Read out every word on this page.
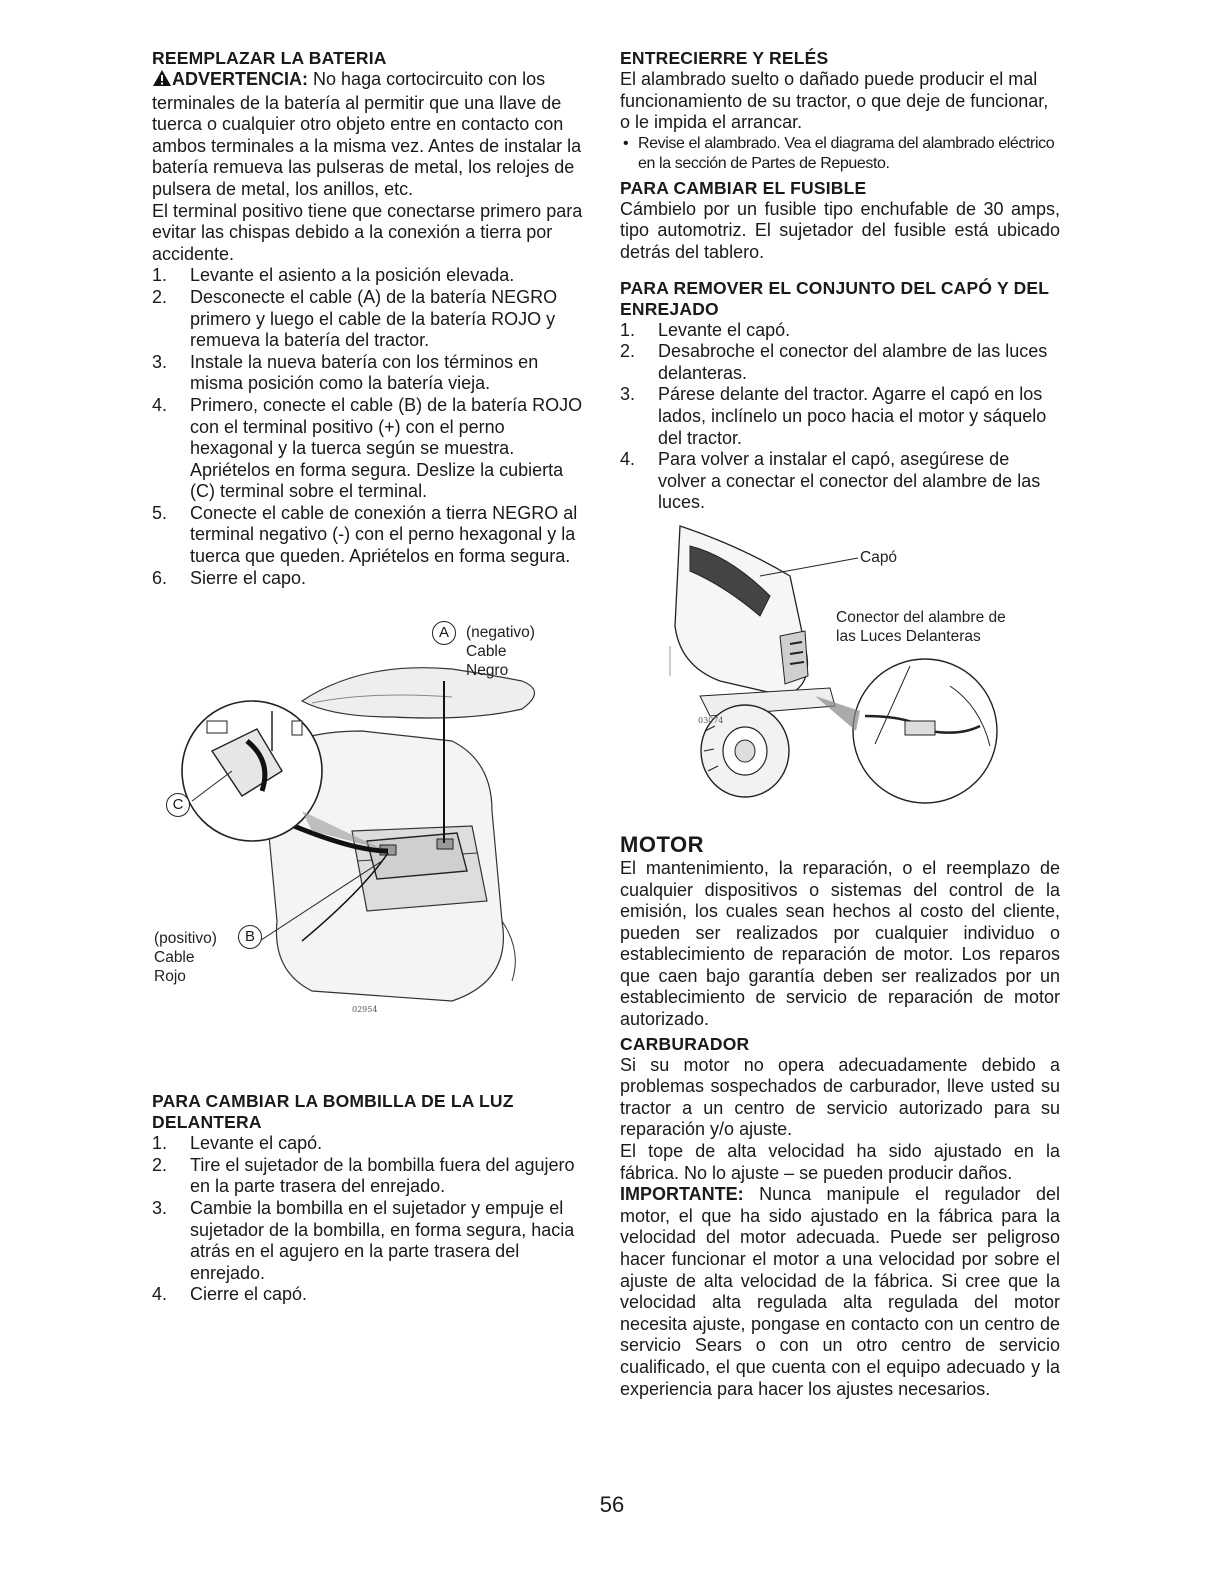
REEMPLAZAR LA BATERIA

ADVERTENCIA: No haga cortocircuito con los terminales de la batería al permitir que una llave de tuerca o cualquier otro objeto entre en contacto con ambos terminales a la misma vez. Antes de instalar la batería remueva las pulseras de metal, los relojes de pulsera de metal, los anillos, etc.

El terminal positivo tiene que conectarse primero para evitar las chispas debido a la conexión a tierra por accidente.

1.	Levante el asiento a la posición elevada.
2.	Desconecte el cable (A) de la batería NEGRO primero y luego el cable de la batería ROJO y remueva la batería del tractor.
3.	Instale la nueva batería con los términos en misma posición como la batería vieja.
4.	Primero, conecte el cable (B) de la batería ROJO con el terminal positivo (+) con el perno hexagonal y la tuerca según se muestra. Apriételos en forma segura. Deslize la cubierta (C) terminal sobre el terminal.
5.	Conecte el cable de conexión a tierra NEGRO al terminal negativo (-) con el perno hexagonal y la tuerca que queden. Apriételos en forma segura.
6.	Sierre el capo.
A	(negativo)
Cable
Negro
C
B
(positivo)
Cable
Rojo
02954
PARA CAMBIAR LA BOMBILLA DE LA LUZ DELANTERA
1.	Levante el capó.
2.	Tire el sujetador de la bombilla fuera del agujero en la parte trasera del enrejado.
3.	Cambie la bombilla en el sujetador y empuje el sujetador de la bombilla, en forma segura, hacia atrás en el agujero en la parte trasera del enrejado.
4.	Cierre el capó.
ENTRECIERRE Y RELÉS

El alambrado suelto o dañado puede producir el mal funcionamiento de su tractor, o que deje de funcionar, o le impida el arrancar.

• Revise el alambrado. Vea el diagrama del alambrado eléctrico en la sección de Partes de Repuesto.
PARA CAMBIAR EL FUSIBLE

Cámbielo por un fusible tipo enchufable de 30 amps, tipo automotriz. El sujetador del fusible está ubicado detrás del tablero.

PARA REMOVER EL CONJUNTO DEL CAPÓ Y DEL ENREJADO
1.	Levante el capó.
2.	Desabroche el conector del alambre de las luces delanteras.
3.	Párese delante del tractor. Agarre el capó en los lados, inclínelo un poco hacia el motor y sáquelo del tractor.
4.	Para volver a instalar el capó, asegúrese de volver a conectar el conector del alambre de las luces.
Capó
Conector del alambre de
las Luces Delanteras
03074
MOTOR

El mantenimiento, la reparación, o el reemplazo de cualquier dispositivos o sistemas del control de la emisión, los cuales sean hechos al costo del cliente, pueden ser realizados por cualquier individuo o establecimiento de reparación de motor. Los reparos que caen bajo garantía deben ser realizados por un establecimiento de servicio de reparación de motor autorizado.

CARBURADOR

Si su motor no opera adecuadamente debido a problemas sospechados de carburador, lleve usted su tractor a un centro de servicio autorizado para su reparación y/o ajuste.

El tope de alta velocidad ha sido ajustado en la fábrica. No lo ajuste – se pueden producir daños.

IMPORTANTE: Nunca manipule el regulador del motor, el que ha sido ajustado en la fábrica para la velocidad del motor adecuada. Puede ser peligroso hacer funcionar el motor a una velocidad por sobre el ajuste de alta velocidad de la fábrica. Si cree que la velocidad alta regulada alta regulada del motor necesita ajuste, pongase en contacto con un centro de servicio Sears o con un otro centro de servicio cualificado, el que cuenta con el equipo adecuado y la experiencia para hacer los ajustes necesarios.

56
